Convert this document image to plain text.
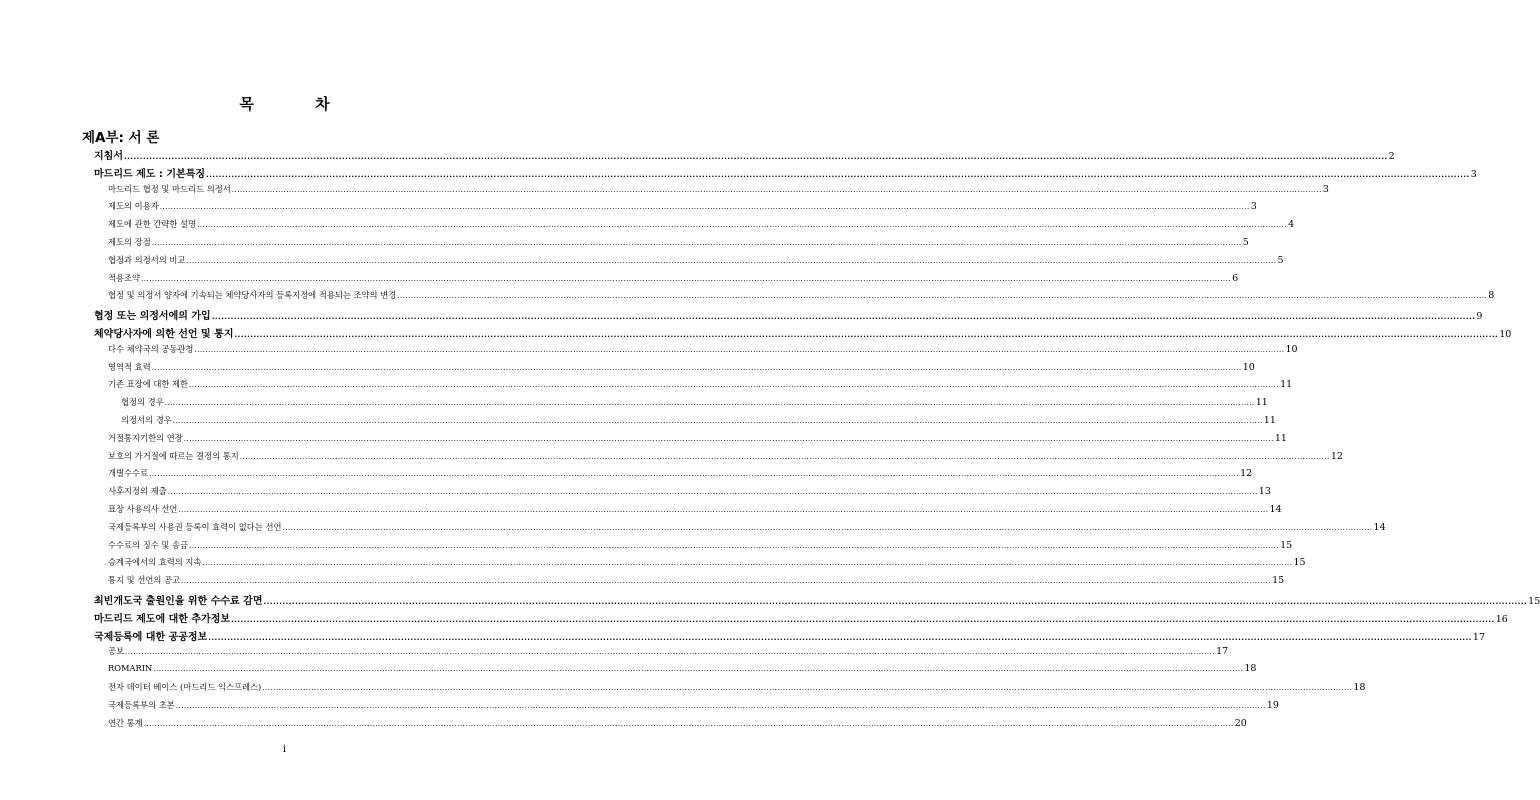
목 차
제A부: 서 론
지침서 ................................................................................................................................................................................................................................................................................................................................................................................................................ 2
마드리드 제도 : 기본특징 ................................................................................................................................................................................................................................................................................................................................................................................................................ 3
마드리드 협정 및 마드리드 의정서 ................................................................................................................................................................................................................................................................................................................................................................................................................ 3
제도의 이용자 ................................................................................................................................................................................................................................................................................................................................................................................................................ 3
제도에 관한 간략한 설명 ................................................................................................................................................................................................................................................................................................................................................................................................................ 4
제도의 장점 ................................................................................................................................................................................................................................................................................................................................................................................................................ 5
협정과 의정서의 비교 ................................................................................................................................................................................................................................................................................................................................................................................................................ 5
적용조약 ................................................................................................................................................................................................................................................................................................................................................................................................................ 6
협정 및 의정서 양자에 기속되는 체약당사자의 등록지정에 적용되는 조약의 변경 ................................................................................................................................................................................................................................................................................................................................................................................................................ 8
협정 또는 의정서에의 가입 ................................................................................................................................................................................................................................................................................................................................................................................................................ 9
체약당사자에 의한 선언 및 통지 ................................................................................................................................................................................................................................................................................................................................................................................................................ 10
다수 체약국의 공동관청 ................................................................................................................................................................................................................................................................................................................................................................................................................ 10
영역적 효력 ................................................................................................................................................................................................................................................................................................................................................................................................................ 10
기존 표장에 대한 제한 ................................................................................................................................................................................................................................................................................................................................................................................................................ 11
협정의 경우 ................................................................................................................................................................................................................................................................................................................................................................................................................ 11
의정서의 경우 ................................................................................................................................................................................................................................................................................................................................................................................................................ 11
거절통지기한의 연장 ................................................................................................................................................................................................................................................................................................................................................................................................................ 11
보호의 가거절에 따르는 결정의 통지 ................................................................................................................................................................................................................................................................................................................................................................................................................ 12
개별수수료 ................................................................................................................................................................................................................................................................................................................................................................................................................ 12
사후지정의 제출 ................................................................................................................................................................................................................................................................................................................................................................................................................ 13
표장 사용의사 선언 ................................................................................................................................................................................................................................................................................................................................................................................................................ 14
국제등록부의 사용권 등록이 효력이 없다는 선언 ................................................................................................................................................................................................................................................................................................................................................................................................................ 14
수수료의 징수 및 송금 ................................................................................................................................................................................................................................................................................................................................................................................................................ 15
승계국에서의 효력의 지속 ................................................................................................................................................................................................................................................................................................................................................................................................................ 15
통지 및 선언의 공고 ................................................................................................................................................................................................................................................................................................................................................................................................................ 15
최빈개도국 출원인을 위한 수수료 감면 ................................................................................................................................................................................................................................................................................................................................................................................................................ 15
마드리드 제도에 대한 추가정보 ................................................................................................................................................................................................................................................................................................................................................................................................................ 16
국제등록에 대한 공공정보 ................................................................................................................................................................................................................................................................................................................................................................................................................ 17
공보 ................................................................................................................................................................................................................................................................................................................................................................................................................ 17
ROMARIN ................................................................................................................................................................................................................................................................................................................................................................................................................ 18
전자 데이터 베이스 (마드리드 익스프레스) ................................................................................................................................................................................................................................................................................................................................................................................................................ 18
국제등록부의 초본 ................................................................................................................................................................................................................................................................................................................................................................................................................ 19
연간 통계 ................................................................................................................................................................................................................................................................................................................................................................................................................ 20
i
